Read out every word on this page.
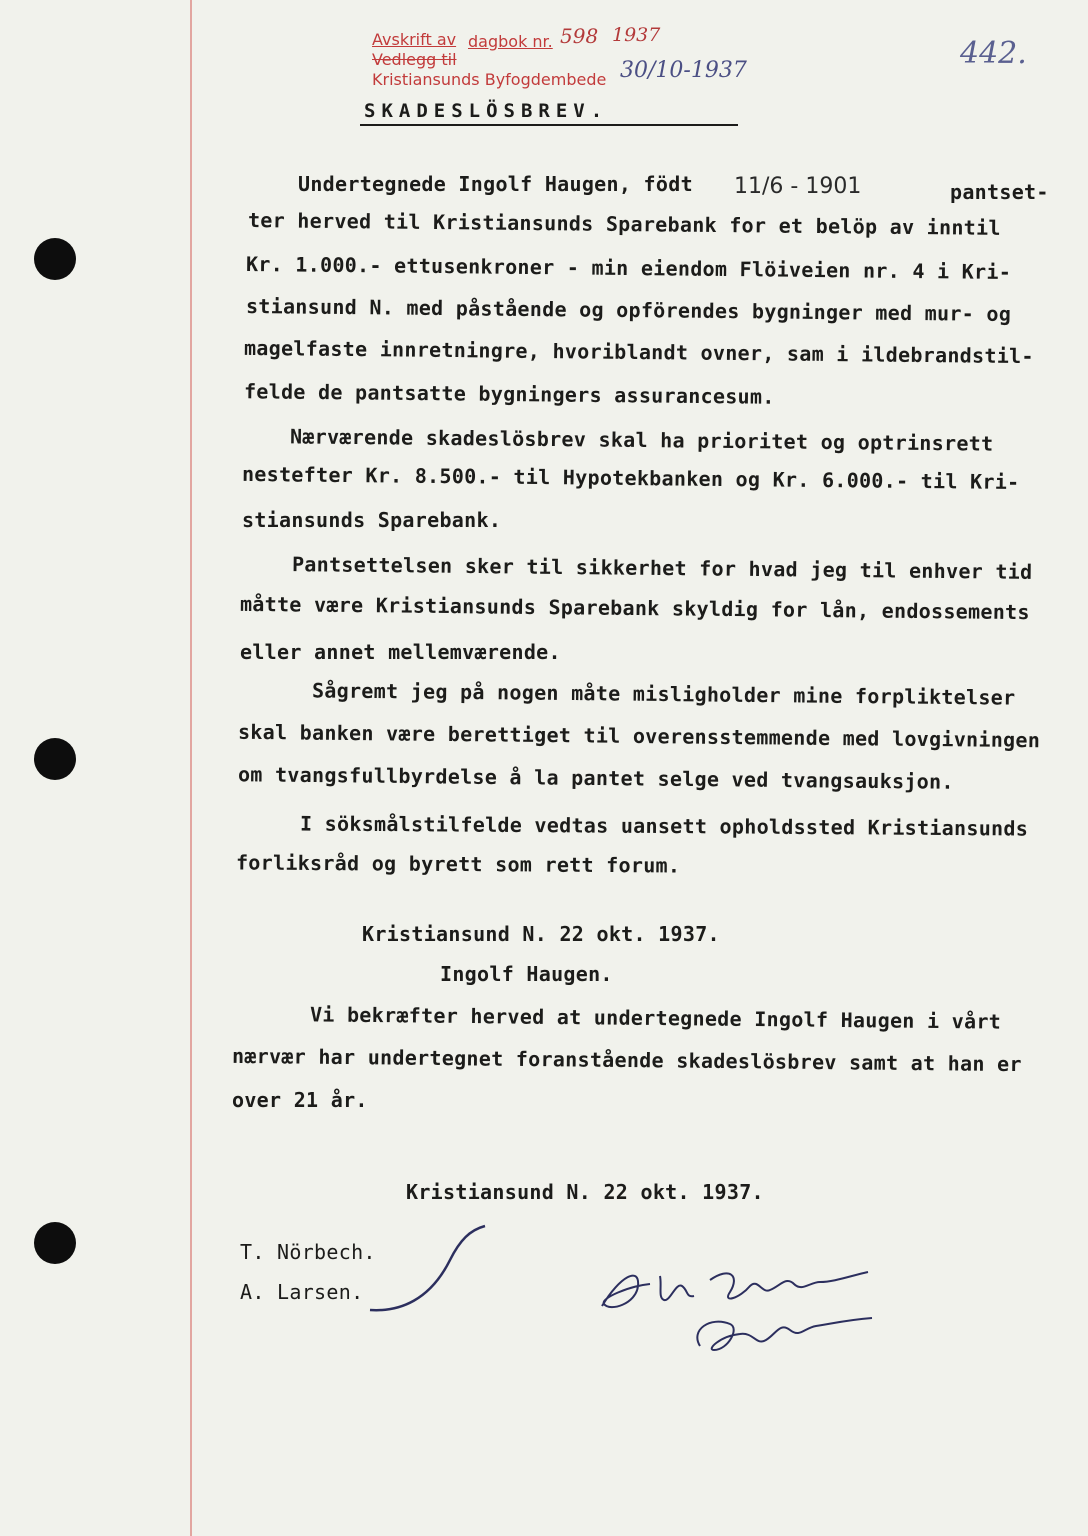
Avskrift av dagbok nr.
Vedlegg til
Kristiansunds Byfogdembede
598 1937
30/10-1937	442.
SKADESLÖSBREV.
Undertegnede Ingolf Haugen, födt 11/6 - 1901	pantset-
ter herved til Kristiansunds Sparebank for et belöp av inntil
Kr. 1.000.- ettusenkroner - min eiendom Flöiveien nr. 4 i Kri-
stiansund N. med påstående og opförendes bygninger med mur- og
magelfaste innretningre, hvoriblandt ovner, sam i ildebrandstil-
felde de pantsatte bygningers assurancesum.
Nærværende skadeslösbrev skal ha prioritet og optrinsrett
nestefter Kr. 8.500.- til Hypotekbanken og Kr. 6.000.- til Kri-
stiansunds Sparebank.
Pantsettelsen sker til sikkerhet for hvad jeg til enhver tid
måtte være Kristiansunds Sparebank skyldig for lån, endossements
eller annet mellemværende.
Sågremt jeg på nogen måte misligholder mine forpliktelser
skal banken være berettiget til overensstemmende med lovgivningen
om tvangsfullbyrdelse å la pantet selge ved tvangsauksjon.
I söksmålstilfelde vedtas uansett opholdssted Kristiansunds
forliksråd og byrett som rett forum.
Kristiansund N. 22 okt. 1937.
Ingolf Haugen.
Vi bekræfter herved at undertegnede Ingolf Haugen i vårt
nærvær har undertegnet foranstående skadeslösbrev samt at han er
over 21 år.
Kristiansund N. 22 okt. 1937.
T. Nörbech.
A. Larsen.
